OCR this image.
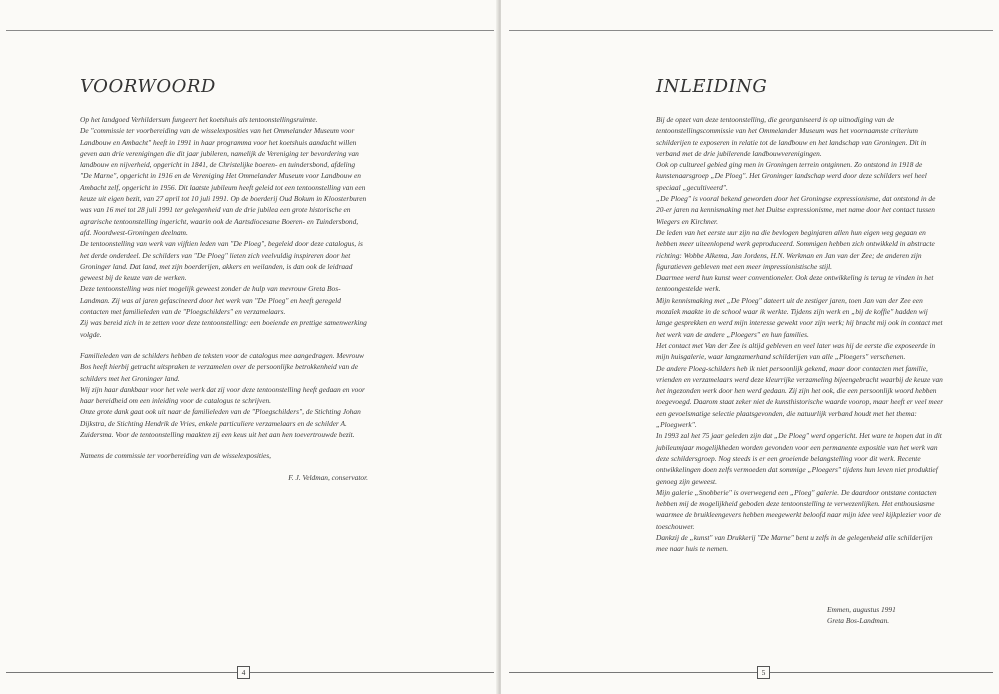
VOORWOORD

Op het landgoed Verhildersum fungeert het koetshuis als tentoonstellingsruimte.

De "commissie ter voorbereiding van de wisselexposities van het Ommelander Museum voor Landbouw en Ambacht" heeft in 1991 in haar programma voor het koetshuis aandacht willen geven aan drie verenigingen die dit jaar jubileren, namelijk de Vereniging ter bevordering van landbouw en nijverheid, opgericht in 1841, de Christelijke boeren- en tuindersbond, afdeling "De Marne", opgericht in 1916 en de Vereniging Het Ommelander Museum voor Landbouw en Ambacht zelf, opgericht in 1956. Dit laatste jubileum heeft geleid tot een tentoonstelling van een keuze uit eigen bezit, van 27 april tot 10 juli 1991. Op de boerderij Oud Bokum in Kloosterburen was van 16 mei tot 28 juli 1991 ter gelegenheid van de drie jubilea een grote historische en agrarische tentoonstelling ingericht, waarin ook de Aartsdiocesane Boeren- en Tuindersbond, afd. Noordwest-Groningen deelnam.

De tentoonstelling van werk van vijftien leden van "De Ploeg", begeleid door deze catalogus, is het derde onderdeel. De schilders van "De Ploeg" lieten zich veelvuldig inspireren door het Groninger land. Dat land, met zijn boerderijen, akkers en weilanden, is dan ook de leidraad geweest bij de keuze van de werken.

Deze tentoonstelling was niet mogelijk geweest zonder de hulp van mevrouw Greta Bos-Landman. Zij was al jaren gefascineerd door het werk van "De Ploeg" en heeft geregeld contacten met familieleden van de "Ploegschilders" en verzamelaars.

Zij was bereid zich in te zetten voor deze tentoonstelling: een boeiende en prettige samenwerking volgde.

Familieleden van de schilders hebben de teksten voor de catalogus mee aangedragen. Mevrouw Bos heeft hierbij getracht uitspraken te verzamelen over de persoonlijke betrokkenheid van de schilders met het Groninger land.

Wij zijn haar dankbaar voor het vele werk dat zij voor deze tentoonstelling heeft gedaan en voor haar bereidheid om een inleiding voor de catalogus te schrijven.

Onze grote dank gaat ook uit naar de familieleden van de "Ploegschilders", de Stichting Johan Dijkstra, de Stichting Hendrik de Vries, enkele particuliere verzamelaars en de schilder A. Zuidersma. Voor de tentoonstelling maakten zij een keus uit het aan hen toevertrouwde bezit.

Namens de commissie ter voorbereiding van de wisselexposities,

F. J. Veldman, conservator.

4
INLEIDING

Bij de opzet van deze tentoonstelling, die georganiseerd is op uitnodiging van de tentoonstellingscommissie van het Ommelander Museum was het voornaamste criterium schilderijen te exposeren in relatie tot de landbouw en het landschap van Groningen. Dit in verband met de drie jubilerende landbouwverenigingen.

Ook op cultureel gebied ging men in Groningen terrein ontginnen. Zo ontstond in 1918 de kunstenaarsgroep „De Ploeg". Het Groninger landschap werd door deze schilders wel heel speciaal „gecultiveerd".

„De Ploeg" is vooral bekend geworden door het Groningse expressionisme, dat ontstond in de 20-er jaren na kennismaking met het Duitse expressionisme, met name door het contact tussen Wiegers en Kirchner.

De leden van het eerste uur zijn na die bevlogen beginjaren allen hun eigen weg gegaan en hebben meer uiteenlopend werk geproduceerd. Sommigen hebben zich ontwikkeld in abstracte richting: Wobbe Alkema, Jan Jordens, H.N. Werkman en Jan van der Zee; de anderen zijn figuratieven gebleven met een meer impressionistische stijl.

Daarmee werd hun kunst weer conventioneler. Ook deze ontwikkeling is terug te vinden in het tentoongestelde werk.

Mijn kennismaking met „De Ploeg" dateert uit de zestiger jaren, toen Jan van der Zee een mozaïek maakte in de school waar ik werkte. Tijdens zijn werk en „bij de koffie" hadden wij lange gesprekken en werd mijn interesse gewekt voor zijn werk; hij bracht mij ook in contact met het werk van de andere „Ploegers" en hun families.

Het contact met Van der Zee is altijd gebleven en veel later was hij de eerste die exposeerde in mijn huisgalerie, waar langzamerhand schilderijen van alle „Ploegers" verschenen.

De andere Ploeg-schilders heb ik niet persoonlijk gekend, maar door contacten met familie, vrienden en verzamelaars werd deze kleurrijke verzameling bijeengebracht waarbij de keuze van het ingezonden werk door hen werd gedaan. Zij zijn het ook, die een persoonlijk woord hebben toegevoegd. Daarom staat zeker niet de kunsthistorische waarde voorop, maar heeft er veel meer een gevoelsmatige selectie plaatsgevonden, die natuurlijk verband houdt met het thema: „Ploegwerk".

In 1993 zal het 75 jaar geleden zijn dat „De Ploeg" werd opgericht. Het ware te hopen dat in dit jubileumjaar mogelijkheden worden gevonden voor een permanente expositie van het werk van deze schildersgroep. Nog steeds is er een groeiende belangstelling voor dit werk. Recente ontwikkelingen doen zelfs vermoeden dat sommige „Ploegers" tijdens hun leven niet produktief genoeg zijn geweest.

Mijn galerie „Snobberie" is overwegend een „Ploeg" galerie. De daardoor ontstane contacten hebben mij de mogelijkheid geboden deze tentoonstelling te verwezenlijken. Het enthousiasme waarmee de bruikleengevers hebben meegewerkt beloofd naar mijn idee veel kijkplezier voor de toeschouwer.

Dankzij de „kunst" van Drukkerij "De Marne" bent u zelfs in de gelegenheid alle schilderijen mee naar huis te nemen.

Emmen, augustus 1991
Greta Bos-Landman.
5
